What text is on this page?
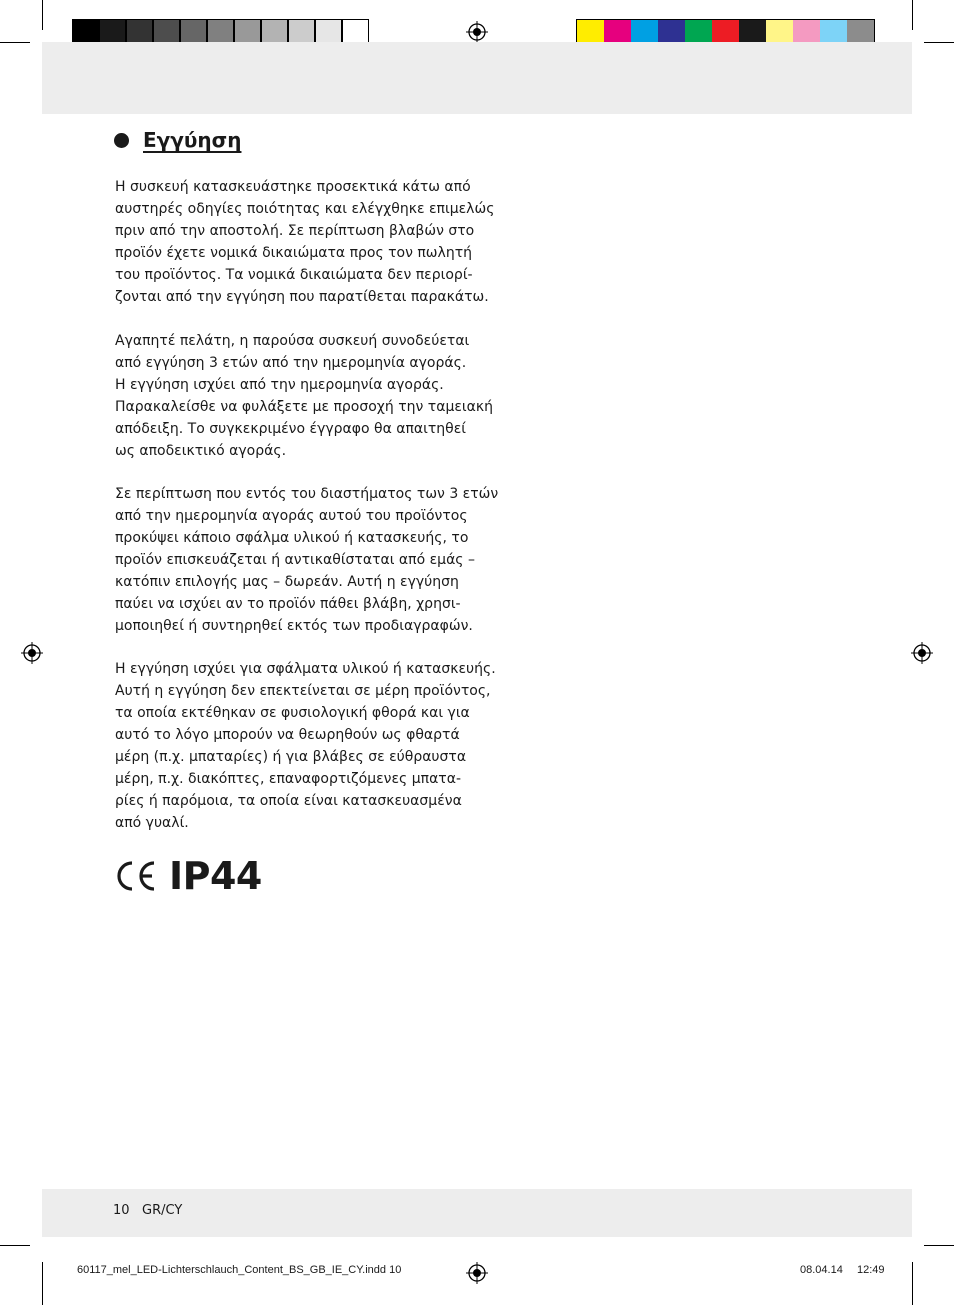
Εγγύηση

Η συσκευή κατασκευάστηκε προσεκτικά κάτω από
αυστηρές οδηγίες ποιότητας και ελέγχθηκε επιμελώς
πριν από την αποστολή. Σε περίπτωση βλαβών στο
προϊόν έχετε νομικά δικαιώματα προς τον πωλητή
του προϊόντος. Τα νομικά δικαιώματα δεν περιορί-
ζονται από την εγγύηση που παρατίθεται παρακάτω.

Αγαπητέ πελάτη, η παρούσα συσκευή συνοδεύεται
από εγγύηση 3 ετών από την ημερομηνία αγοράς.
Η εγγύηση ισχύει από την ημερομηνία αγοράς.
Παρακαλείσθε να φυλάξετε με προσοχή την ταμειακή
απόδειξη. Το συγκεκριμένο έγγραφο θα απαιτηθεί
ως αποδεικτικό αγοράς.

Σε περίπτωση που εντός του διαστήματος των 3 ετών
από την ημερομηνία αγοράς αυτού του προϊόντος
προκύψει κάποιο σφάλμα υλικού ή κατασκευής, το
προϊόν επισκευάζεται ή αντικαθίσταται από εμάς –
κατόπιν επιλογής μας – δωρεάν. Αυτή η εγγύηση
παύει να ισχύει αν το προϊόν πάθει βλάβη, χρησι-
μοποιηθεί ή συντηρηθεί εκτός των προδιαγραφών.

Η εγγύηση ισχύει για σφάλματα υλικού ή κατασκευής.
Αυτή η εγγύηση δεν επεκτείνεται σε μέρη προϊόντος,
τα οποία εκτέθηκαν σε φυσιολογική φθορά και για
αυτό το λόγο μπορούν να θεωρηθούν ως φθαρτά
μέρη (π.χ. μπαταρίες) ή για βλάβες σε εύθραυστα
μέρη, π.χ. διακόπτες, επαναφορτιζόμενες μπατα-
ρίες ή παρόμοια, τα οποία είναι κατασκευασμένα
από γυαλί.

IP44
10 GR/CY
60117_mel_LED-Lichterschlauch_Content_BS_GB_IE_CY.indd 10	08.04.14 12:49
